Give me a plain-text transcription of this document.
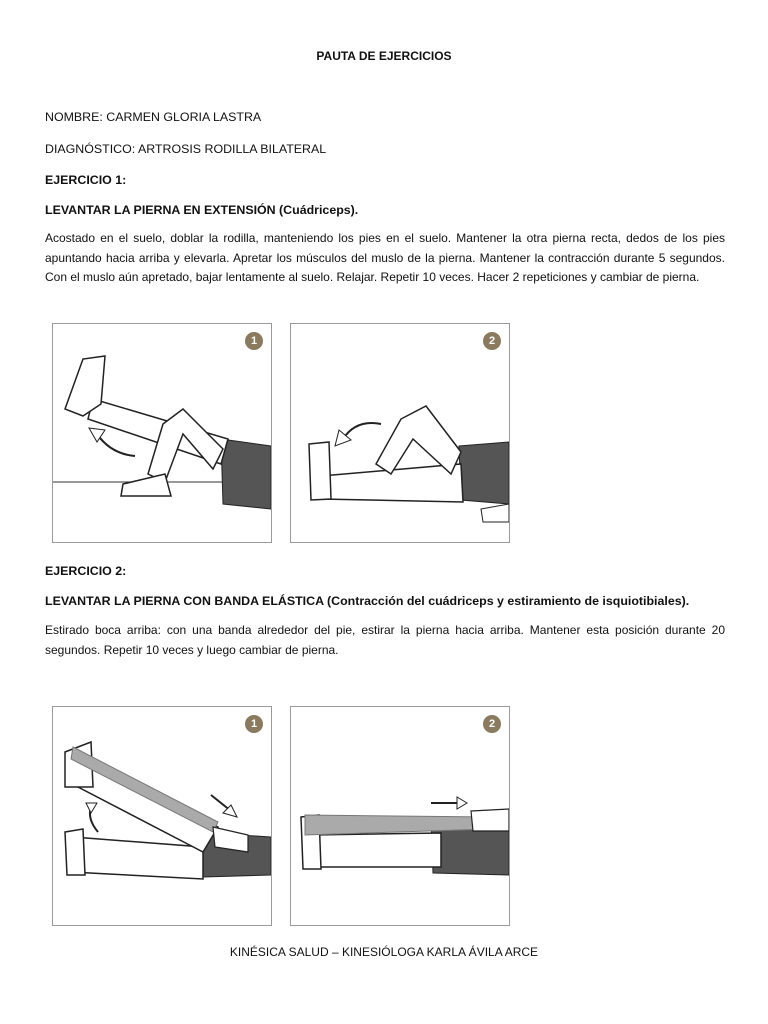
PAUTA DE EJERCICIOS
NOMBRE: CARMEN GLORIA LASTRA
DIAGNÓSTICO: ARTROSIS RODILLA BILATERAL
EJERCICIO 1:
LEVANTAR LA PIERNA EN EXTENSIÓN (Cuádriceps).
Acostado en el suelo, doblar la rodilla, manteniendo los pies en el suelo. Mantener la otra pierna recta, dedos de los pies apuntando hacia arriba y elevarla. Apretar los músculos del muslo de la pierna. Mantener la contracción durante 5 segundos. Con el muslo aún apretado, bajar lentamente al suelo. Relajar. Repetir 10 veces. Hacer 2 repeticiones y cambiar de pierna.
1	2
EJERCICIO 2:
LEVANTAR LA PIERNA CON BANDA ELÁSTICA (Contracción del cuádriceps y estiramiento de isquiotibiales).
Estirado boca arriba: con una banda alrededor del pie, estirar la pierna hacia arriba. Mantener esta posición durante 20 segundos. Repetir 10 veces y luego cambiar de pierna.
1	2
KINÉSICA SALUD – KINESIÓLOGA KARLA ÁVILA ARCE
